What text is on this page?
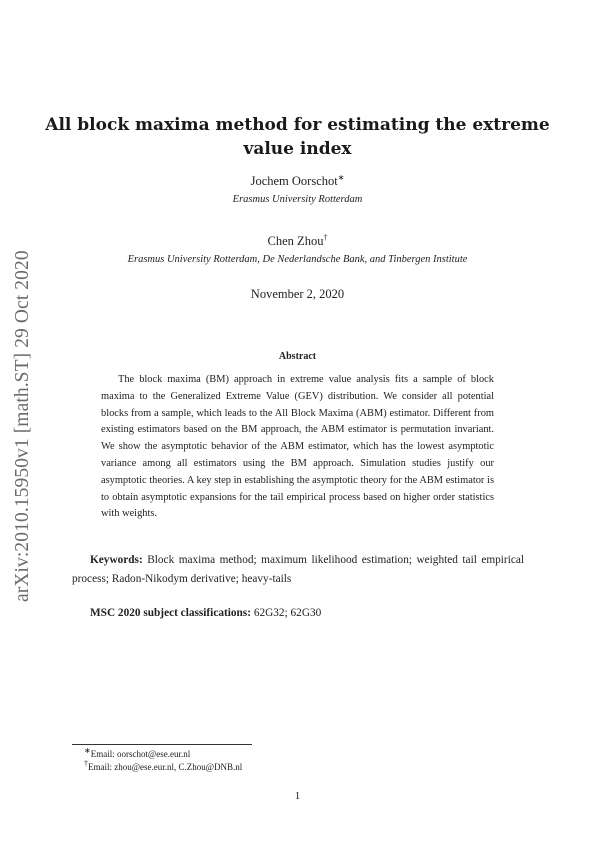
arXiv:2010.15950v1 [math.ST] 29 Oct 2020
All block maxima method for estimating the extreme
value index
Jochem Oorschot∗
Erasmus University Rotterdam
Chen Zhou†
Erasmus University Rotterdam, De Nederlandsche Bank, and Tinbergen Institute
November 2, 2020
Abstract
The block maxima (BM) approach in extreme value analysis fits a sample of block maxima to the Generalized Extreme Value (GEV) distribution. We consider all potential blocks from a sample, which leads to the All Block Maxima (ABM) estimator. Different from existing estimators based on the BM approach, the ABM estimator is permutation invariant. We show the asymptotic behavior of the ABM estimator, which has the lowest asymptotic variance among all estimators using the BM approach. Simulation studies justify our asymptotic theories. A key step in establishing the asymptotic theory for the ABM estimator is to obtain asymptotic expansions for the tail empirical process based on higher order statistics with weights.
Keywords: Block maxima method; maximum likelihood estimation; weighted tail empirical process; Radon-Nikodym derivative; heavy-tails
MSC 2020 subject classifications: 62G32; 62G30
∗Email: oorschot@ese.eur.nl
†Email: zhou@ese.eur.nl, C.Zhou@DNB.nl
1
